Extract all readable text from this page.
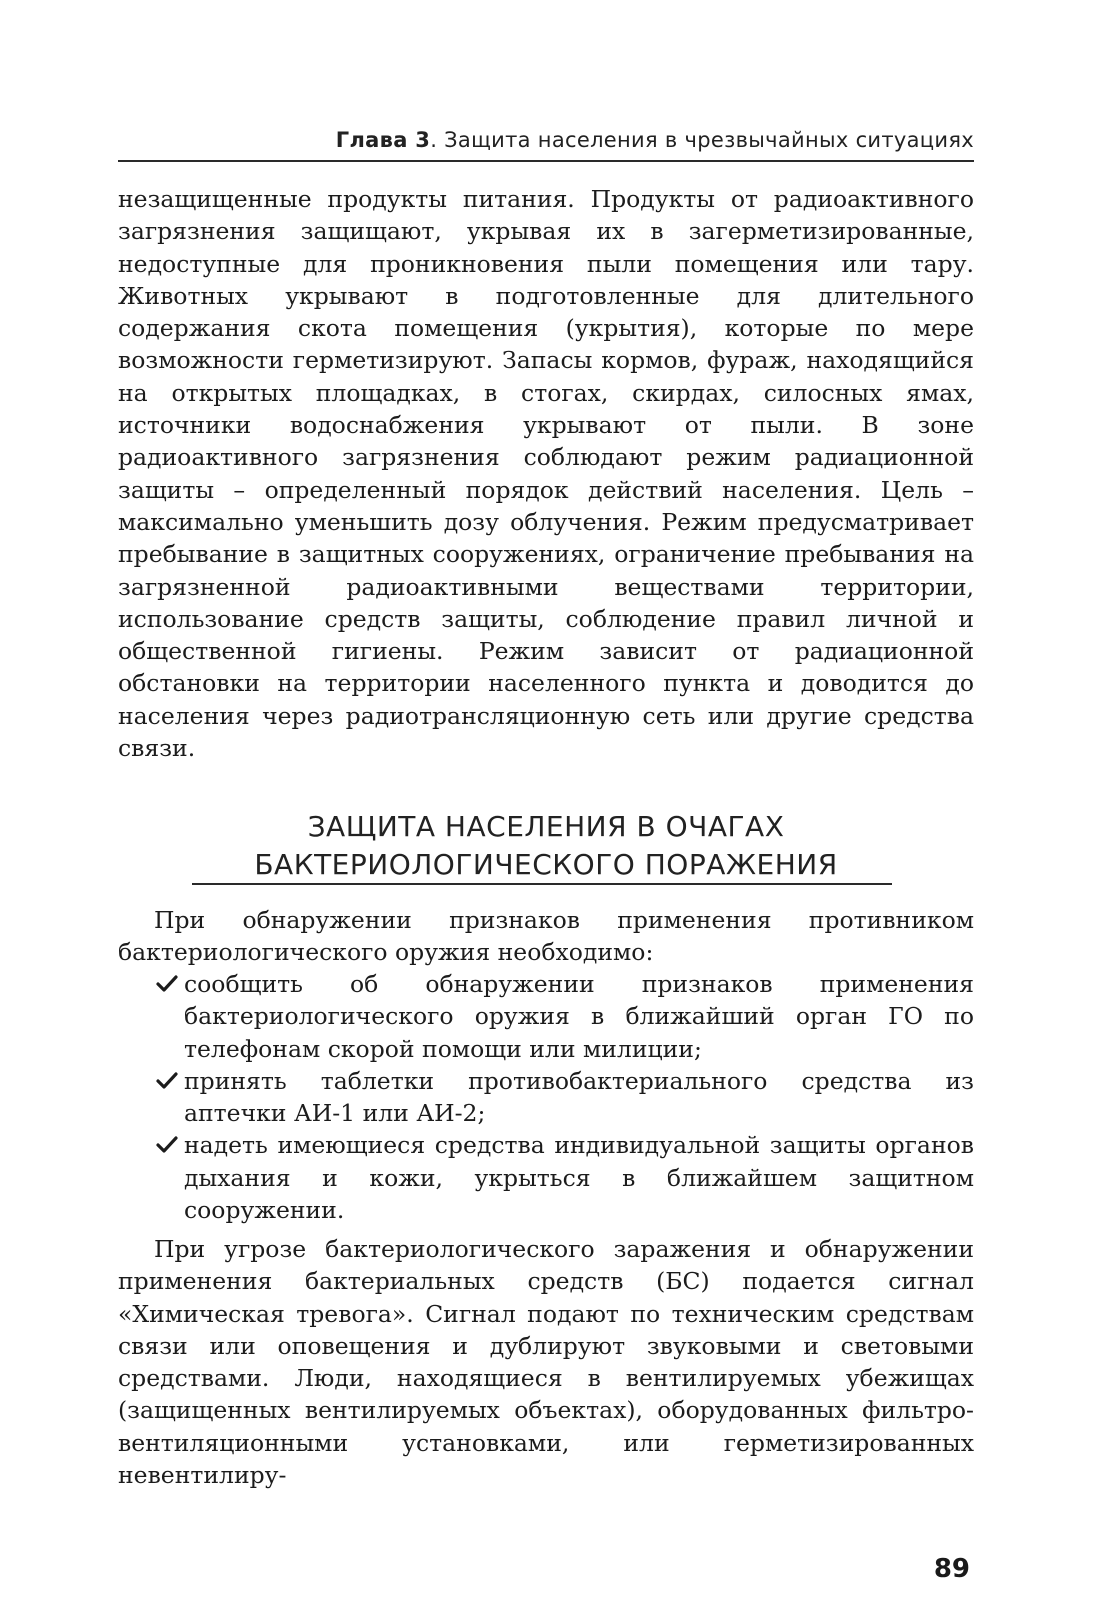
Глава 3. Защита населения в чрезвычайных ситуациях

незащищенные продукты питания. Продукты от радиоактивного загрязнения защищают, укрывая их в загерметизированные, недоступные для проникновения пыли помещения или тару. Животных укрывают в подготовленные для длительного содержания скота помещения (укрытия), которые по мере возможности герметизируют. Запасы кормов, фураж, находящийся на открытых площадках, в стогах, скирдах, силосных ямах, источники водоснабжения укрывают от пыли. В зоне радиоактивного загрязнения соблюдают режим радиационной защиты – определенный порядок действий населения. Цель – максимально уменьшить дозу облучения. Режим предусматривает пребывание в защитных сооружениях, ограничение пребывания на загрязненной радиоактивными веществами территории, использование средств защиты, соблюдение правил личной и общественной гигиены. Режим зависит от радиационной обстановки на территории населенного пункта и доводится до населения через радиотрансляционную сеть или другие средства связи.

ЗАЩИТА НАСЕЛЕНИЯ В ОЧАГАХ
БАКТЕРИОЛОГИЧЕСКОГО ПОРАЖЕНИЯ

При обнаружении признаков применения противником бактериологического оружия необходимо:

сообщить об обнаружении признаков применения бактериологического оружия в ближайший орган ГО по телефонам скорой помощи или милиции;
принять таблетки противобактериального средства из аптечки АИ-1 или АИ-2;
надеть имеющиеся средства индивидуальной защиты органов дыхания и кожи, укрыться в ближайшем защитном сооружении.

При угрозе бактериологического заражения и обнаружении применения бактериальных средств (БС) подается сигнал «Химическая тревога». Сигнал подают по техническим средствам связи или оповещения и дублируют звуковыми и световыми средствами. Люди, находящиеся в вентилируемых убежищах (защищенных вентилируемых объектах), оборудованных фильтро-вентиляционными установками, или герметизированных невентилиру-

89
